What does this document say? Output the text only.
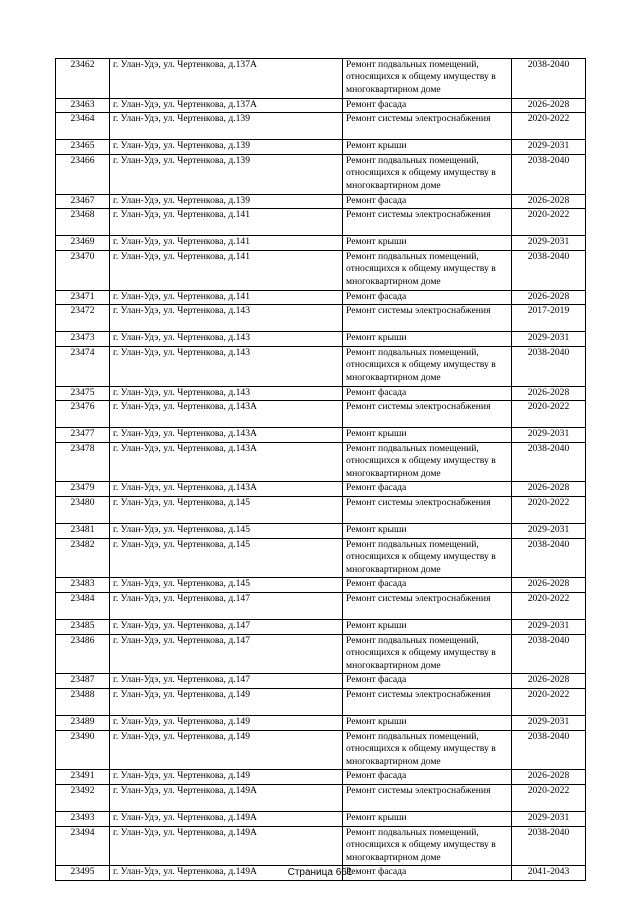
23462	г. Улан-Удэ, ул. Чертенкова, д.137А	Ремонт подвальных помещений, относящихся к общему имуществу в многоквартирном доме	2038-2040
23463	г. Улан-Удэ, ул. Чертенкова, д.137А	Ремонт фасада	2026-2028
23464	г. Улан-Удэ, ул. Чертенкова, д.139	Ремонт системы электроснабжения	2020-2022
23465	г. Улан-Удэ, ул. Чертенкова, д.139	Ремонт крыши	2029-2031
23466	г. Улан-Удэ, ул. Чертенкова, д.139	Ремонт подвальных помещений, относящихся к общему имуществу в многоквартирном доме	2038-2040
23467	г. Улан-Удэ, ул. Чертенкова, д.139	Ремонт фасада	2026-2028
23468	г. Улан-Удэ, ул. Чертенкова, д.141	Ремонт системы электроснабжения	2020-2022
23469	г. Улан-Удэ, ул. Чертенкова, д.141	Ремонт крыши	2029-2031
23470	г. Улан-Удэ, ул. Чертенкова, д.141	Ремонт подвальных помещений, относящихся к общему имуществу в многоквартирном доме	2038-2040
23471	г. Улан-Удэ, ул. Чертенкова, д.141	Ремонт фасада	2026-2028
23472	г. Улан-Удэ, ул. Чертенкова, д.143	Ремонт системы электроснабжения	2017-2019
23473	г. Улан-Удэ, ул. Чертенкова, д.143	Ремонт крыши	2029-2031
23474	г. Улан-Удэ, ул. Чертенкова, д.143	Ремонт подвальных помещений, относящихся к общему имуществу в многоквартирном доме	2038-2040
23475	г. Улан-Удэ, ул. Чертенкова, д.143	Ремонт фасада	2026-2028
23476	г. Улан-Удэ, ул. Чертенкова, д.143А	Ремонт системы электроснабжения	2020-2022
23477	г. Улан-Удэ, ул. Чертенкова, д.143А	Ремонт крыши	2029-2031
23478	г. Улан-Удэ, ул. Чертенкова, д.143А	Ремонт подвальных помещений, относящихся к общему имуществу в многоквартирном доме	2038-2040
23479	г. Улан-Удэ, ул. Чертенкова, д.143А	Ремонт фасада	2026-2028
23480	г. Улан-Удэ, ул. Чертенкова, д.145	Ремонт системы электроснабжения	2020-2022
23481	г. Улан-Удэ, ул. Чертенкова, д.145	Ремонт крыши	2029-2031
23482	г. Улан-Удэ, ул. Чертенкова, д.145	Ремонт подвальных помещений, относящихся к общему имуществу в многоквартирном доме	2038-2040
23483	г. Улан-Удэ, ул. Чертенкова, д.145	Ремонт фасада	2026-2028
23484	г. Улан-Удэ, ул. Чертенкова, д.147	Ремонт системы электроснабжения	2020-2022
23485	г. Улан-Удэ, ул. Чертенкова, д.147	Ремонт крыши	2029-2031
23486	г. Улан-Удэ, ул. Чертенкова, д.147	Ремонт подвальных помещений, относящихся к общему имуществу в многоквартирном доме	2038-2040
23487	г. Улан-Удэ, ул. Чертенкова, д.147	Ремонт фасада	2026-2028
23488	г. Улан-Удэ, ул. Чертенкова, д.149	Ремонт системы электроснабжения	2020-2022
23489	г. Улан-Удэ, ул. Чертенкова, д.149	Ремонт крыши	2029-2031
23490	г. Улан-Удэ, ул. Чертенкова, д.149	Ремонт подвальных помещений, относящихся к общему имуществу в многоквартирном доме	2038-2040
23491	г. Улан-Удэ, ул. Чертенкова, д.149	Ремонт фасада	2026-2028
23492	г. Улан-Удэ, ул. Чертенкова, д.149А	Ремонт системы электроснабжения	2020-2022
23493	г. Улан-Удэ, ул. Чертенкова, д.149А	Ремонт крыши	2029-2031
23494	г. Улан-Удэ, ул. Чертенкова, д.149А	Ремонт подвальных помещений, относящихся к общему имуществу в многоквартирном доме	2038-2040
23495	г. Улан-Удэ, ул. Чертенкова, д.149А	Ремонт фасада	2041-2043
Страница 661
